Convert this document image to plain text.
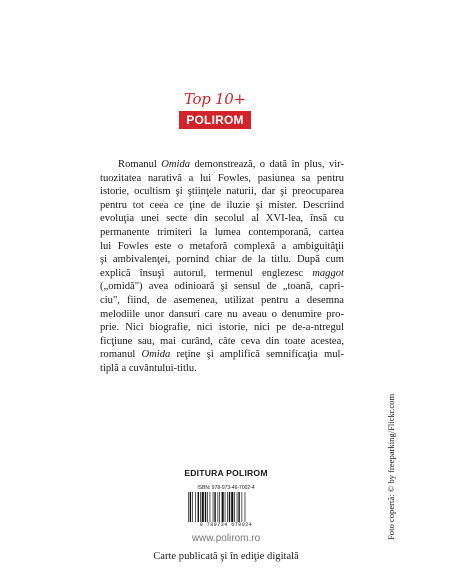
Top 10+
POLIROM
Romanul Omida demonstrează, o dată în plus, vir-
tuozitatea narativă a lui Fowles, pasiunea sa pentru
istorie, ocultism şi ştiinţele naturii, dar şi preocuparea
pentru tot ceea ce ţine de iluzie şi mister. Descriind
evoluţia unei secte din secolul al XVI-lea, însă cu
permanente trimiteri la lumea contemporană, cartea
lui Fowles este o metaforă complexă a ambiguităţii
şi ambivalenţei, pornind chiar de la titlu. După cum
explică însuşi autorul, termenul englezesc maggot
(„omidă") avea odinioară şi sensul de „toană, capri-
ciu", fiind, de asemenea, utilizat pentru a desemna
melodiile unor dansuri care nu aveau o denumire pro-
prie. Nici biografie, nici istorie, nici pe de-a-ntregul
ficţiune sau, mai curând, câte ceva din toate acestea,
romanul Omida reţine şi amplifică semnificaţia mul-
tiplă a cuvântului-titlu.
EDITURA POLIROM
ISBN: 978-973-46-7002-4
9 789734 670024
www.polirom.ro
Carte publicată şi în ediţie digitală
Foto copertă: © by freeparking/Flickr.com
